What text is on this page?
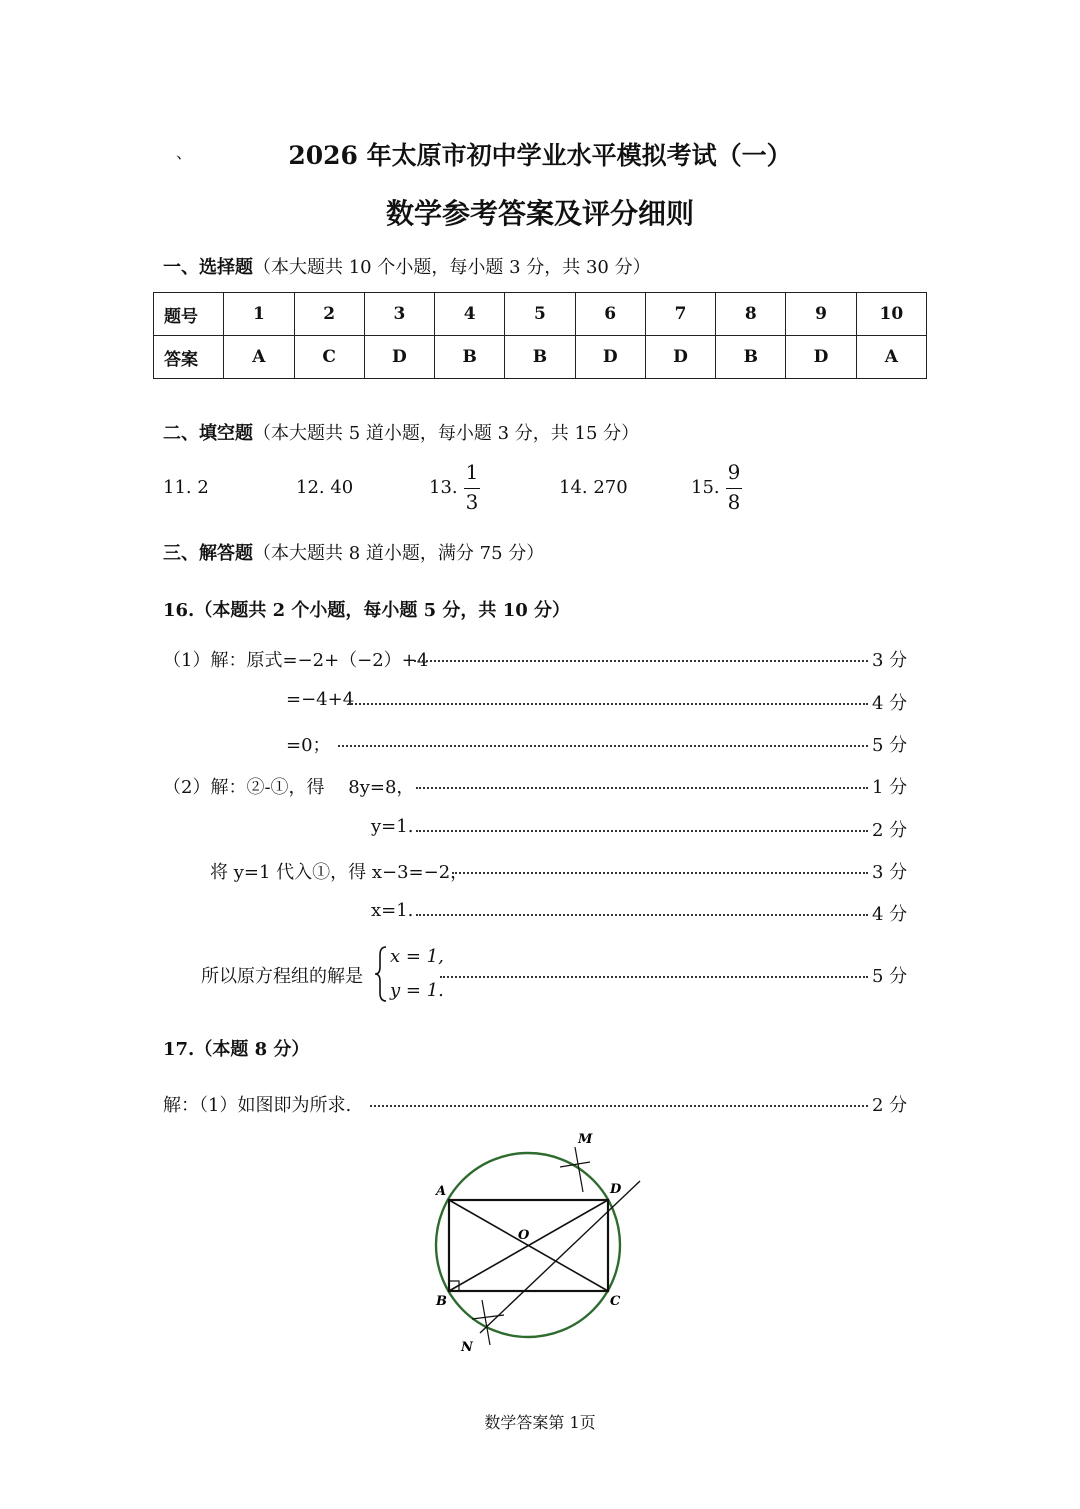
、	2026 年太原市初中学业水平模拟考试（一）
数学参考答案及评分细则
一、选择题（本大题共 10 个小题，每小题 3 分，共 30 分）
题号	1	2	3	4	5	6	7	8	9	10
答案	A	C	D	B	B	D	D	B	D	A
二、填空题（本大题共 5 道小题，每小题 3 分，共 15 分）
11. 2	12. 40	13.
1
3
14. 270	15.
9
8
三、解答题（本大题共 8 道小题，满分 75 分）
16.（本题共 2 个小题，每小题 5 分，共 10 分）
（1）解：原式=−2+（−2）+4	3 分
=−4+4	4 分
=0；	5 分
（2）解：②-①，得　 8y=8，	1 分
y=1.	2 分
将 y=1 代入①，得 x−3=−2，	3 分
x=1.	4 分
所以原方程组的解是
x = 1,
y = 1.
5 分
17.（本题 8 分）
解：（1）如图即为所求.	2 分
M
A	D
O
B	C
N
数学答案第 1页
